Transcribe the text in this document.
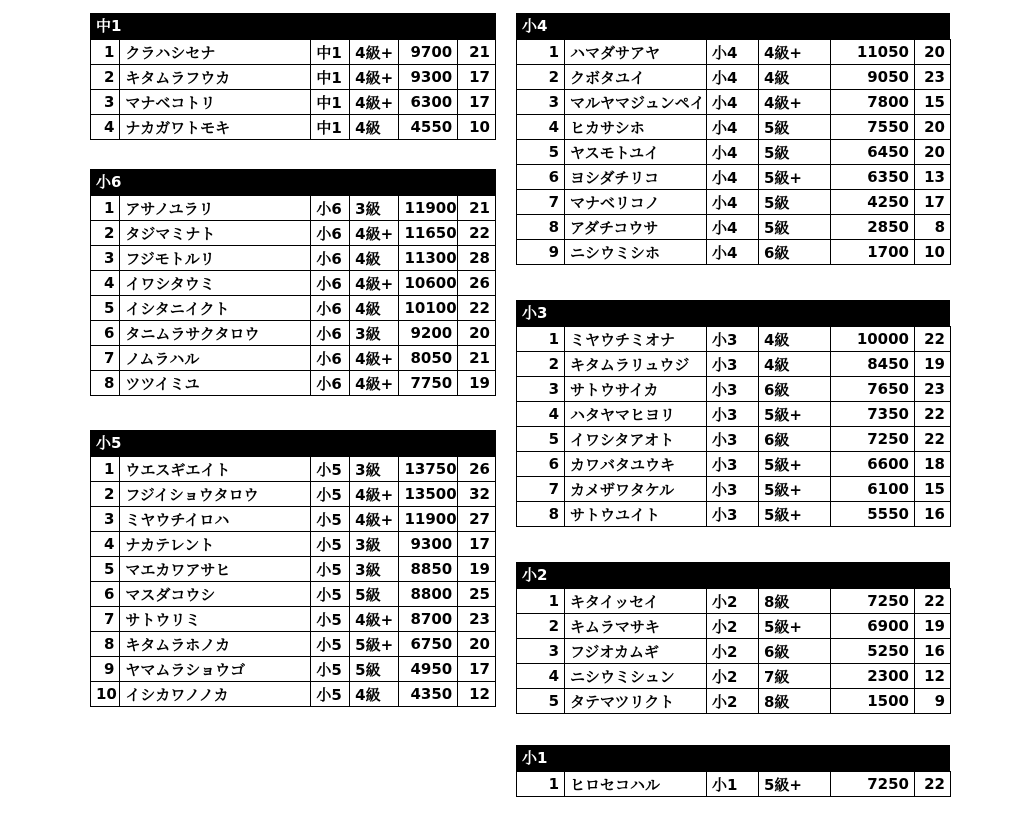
中1
1	クラハシセナ	中1	4級+	9700	21
2	キタムラフウカ	中1	4級+	9300	17
3	マナベコトリ	中1	4級+	6300	17
4	ナカガワトモキ	中1	4級	4550	10
小6
1	アサノユラリ	小6	3級	11900	21
2	タジマミナト	小6	4級+	11650	22
3	フジモトルリ	小6	4級	11300	28
4	イワシタウミ	小6	4級+	10600	26
5	イシタニイクト	小6	4級	10100	22
6	タニムラサクタロウ	小6	3級	9200	20
7	ノムラハル	小6	4級+	8050	21
8	ツツイミユ	小6	4級+	7750	19
小5
1	ウエスギエイト	小5	3級	13750	26
2	フジイショウタロウ	小5	4級+	13500	32
3	ミヤウチイロハ	小5	4級+	11900	27
4	ナカテレント	小5	3級	9300	17
5	マエカワアサヒ	小5	3級	8850	19
6	マスダコウシ	小5	5級	8800	25
7	サトウリミ	小5	4級+	8700	23
8	キタムラホノカ	小5	5級+	6750	20
9	ヤマムラショウゴ	小5	5級	4950	17
10	イシカワノノカ	小5	4級	4350	12
小4
1	ハマダサアヤ	小4	4級+	11050	20
2	クボタユイ	小4	4級	9050	23
3	マルヤマジュンペイ	小4	4級+	7800	15
4	ヒカサシホ	小4	5級	7550	20
5	ヤスモトユイ	小4	5級	6450	20
6	ヨシダチリコ	小4	5級+	6350	13
7	マナベリコノ	小4	5級	4250	17
8	アダチコウサ	小4	5級	2850	8
9	ニシウミシホ	小4	6級	1700	10
小3
1	ミヤウチミオナ	小3	4級	10000	22
2	キタムラリュウジ	小3	4級	8450	19
3	サトウサイカ	小3	6級	7650	23
4	ハタヤマヒヨリ	小3	5級+	7350	22
5	イワシタアオト	小3	6級	7250	22
6	カワバタユウキ	小3	5級+	6600	18
7	カメザワタケル	小3	5級+	6100	15
8	サトウユイト	小3	5級+	5550	16
小2
1	キタイッセイ	小2	8級	7250	22
2	キムラマサキ	小2	5級+	6900	19
3	フジオカムギ	小2	6級	5250	16
4	ニシウミシュン	小2	7級	2300	12
5	タテマツリクト	小2	8級	1500	9
小1
1	ヒロセコハル	小1	5級+	7250	22
